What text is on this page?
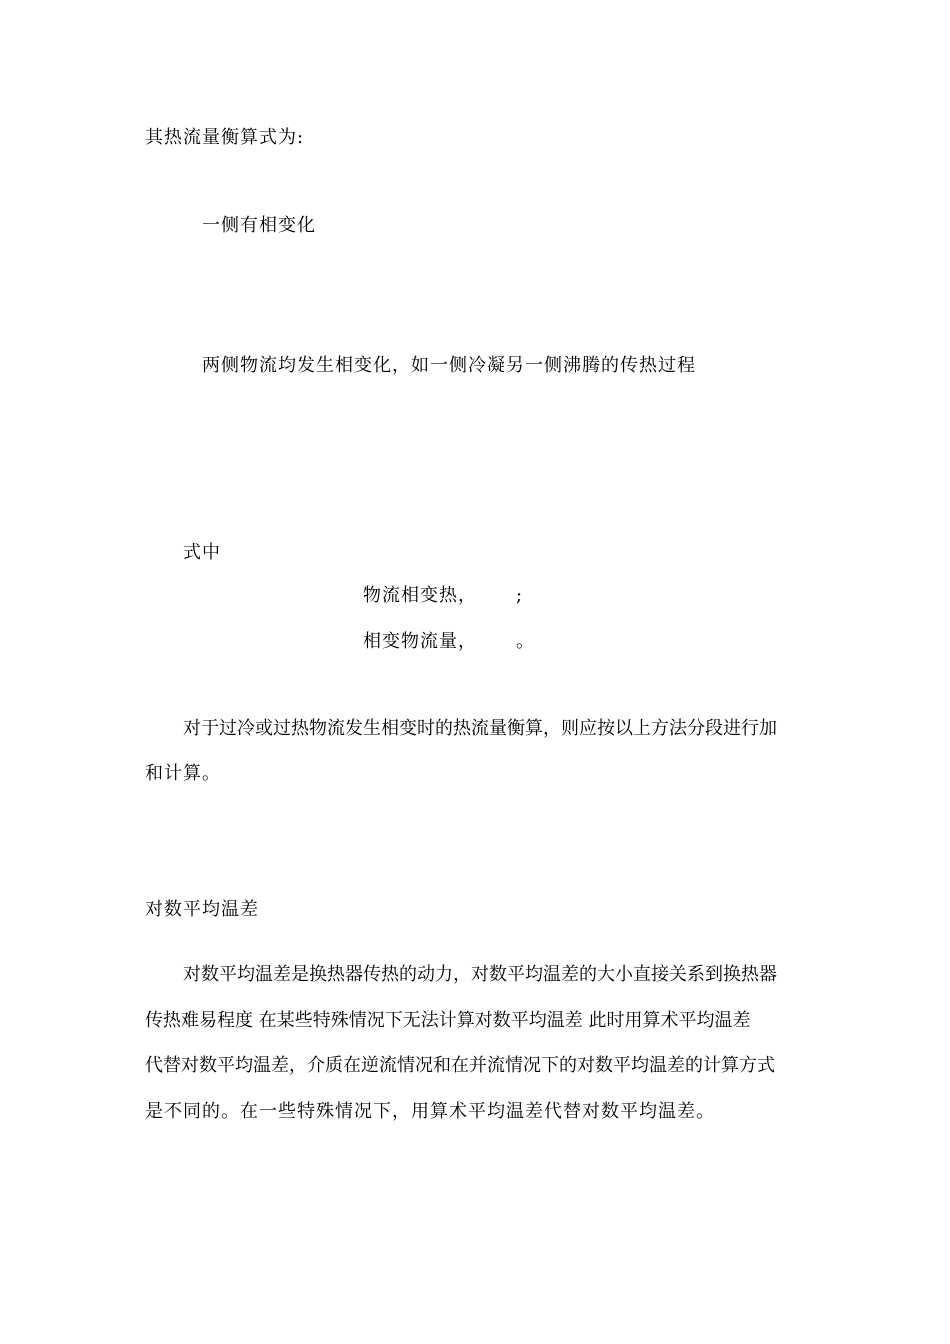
其热流量衡算式为:
一侧有相变化
两侧物流均发生相变化，如一侧冷凝另一侧沸腾的传热过程
式中
物流相变热， ;
相变物流量， 。
对于过冷或过热物流发生相变时的热流量衡算，则应按以上方法分段进行加
和计算。
对数平均温差
对数平均温差是换热器传热的动力，对数平均温差的大小直接关系到换热器
传热难易程度 在某些特殊情况下无法计算对数平均温差 此时用算术平均温差
代替对数平均温差，介质在逆流情况和在并流情况下的对数平均温差的计算方式
是不同的。在一些特殊情况下，用算术平均温差代替对数平均温差。
